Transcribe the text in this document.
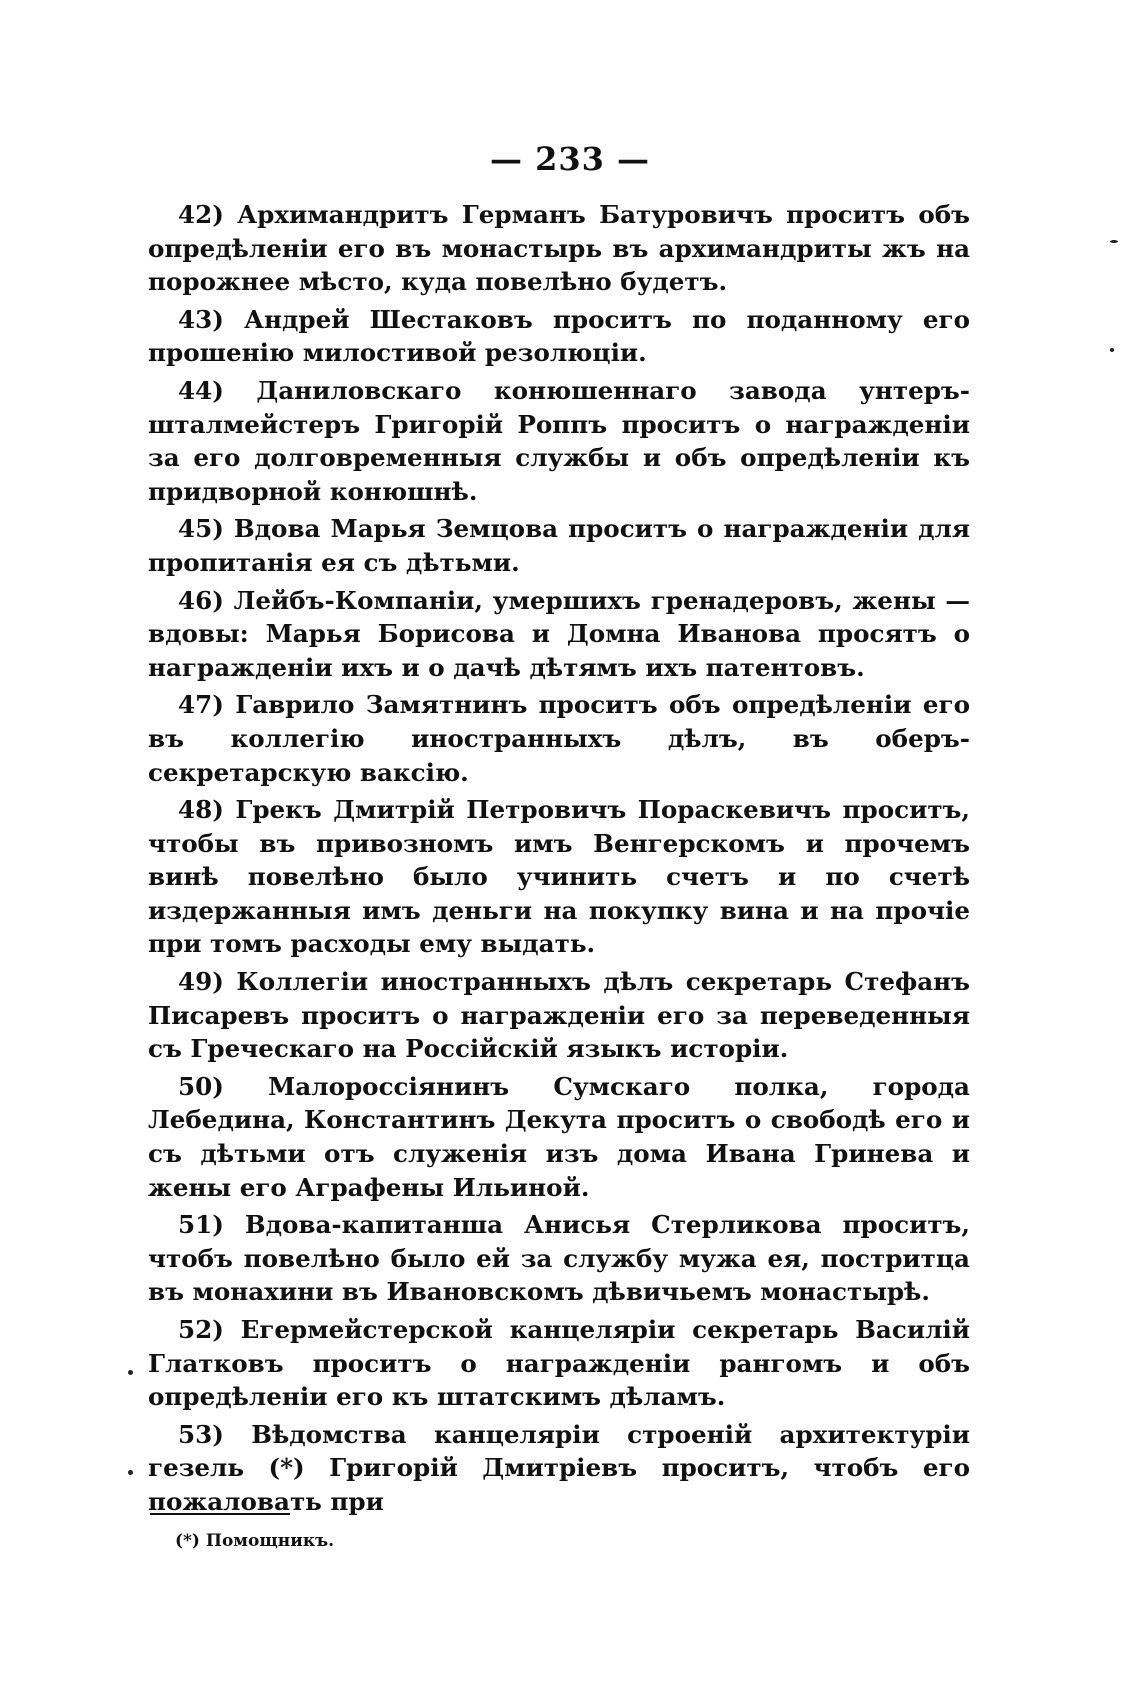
— 233 —

42) Архимандритъ Германъ Батуровичъ проситъ объ опредѣленіи его въ монастырь въ архимандриты жъ на порожнее мѣсто, куда повелѣно будетъ.

43) Андрей Шестаковъ проситъ по поданному его прошенію милостивой резолюціи.

44) Даниловскаго конюшеннаго завода унтеръ-шталмейстеръ Григорій Роппъ проситъ о награжденіи за его долговременныя службы и объ опредѣленіи къ придворной конюшнѣ.

45) Вдова Марья Земцова проситъ о награжденіи для пропитанія ея съ дѣтьми.

46) Лейбъ-Компаніи, умершихъ гренадеровъ, жены — вдовы: Марья Борисова и Домна Иванова просятъ о награжденіи ихъ и о дачѣ дѣтямъ ихъ патентовъ.

47) Гаврило Замятнинъ проситъ объ опредѣленіи его въ коллегію иностранныхъ дѣлъ, въ оберъ-секретарскую ваксію.

48) Грекъ Дмитрій Петровичъ Пораскевичъ проситъ, чтобы въ привозномъ имъ Венгерскомъ и прочемъ винѣ повелѣно было учинить счетъ и по счетѣ издержанныя имъ деньги на покупку вина и на прочіе при томъ расходы ему выдать.

49) Коллегіи иностранныхъ дѣлъ секретарь Стефанъ Писаревъ проситъ о награжденіи его за переведенныя съ Греческаго на Россійскій языкъ исторіи.

50) Малороссіянинъ Сумскаго полка, города Лебедина, Константинъ Декута проситъ о свободѣ его и съ дѣтьми отъ служенія изъ дома Ивана Гринева и жены его Аграфены Ильиной.

51) Вдова-капитанша Анисья Стерликова проситъ, чтобъ повелѣно было ей за службу мужа ея, постритца въ монахини въ Ивановскомъ дѣвичьемъ монастырѣ.

52) Егермейстерской канцеляріи секретарь Василій Глатковъ проситъ о награжденіи рангомъ и объ опредѣленіи его къ штатскимъ дѣламъ.

53) Вѣдомства канцеляріи строеній архитектуріи гезель (*) Григорій Дмитріевъ проситъ, чтобъ его пожаловать при

(*) Помощникъ.
